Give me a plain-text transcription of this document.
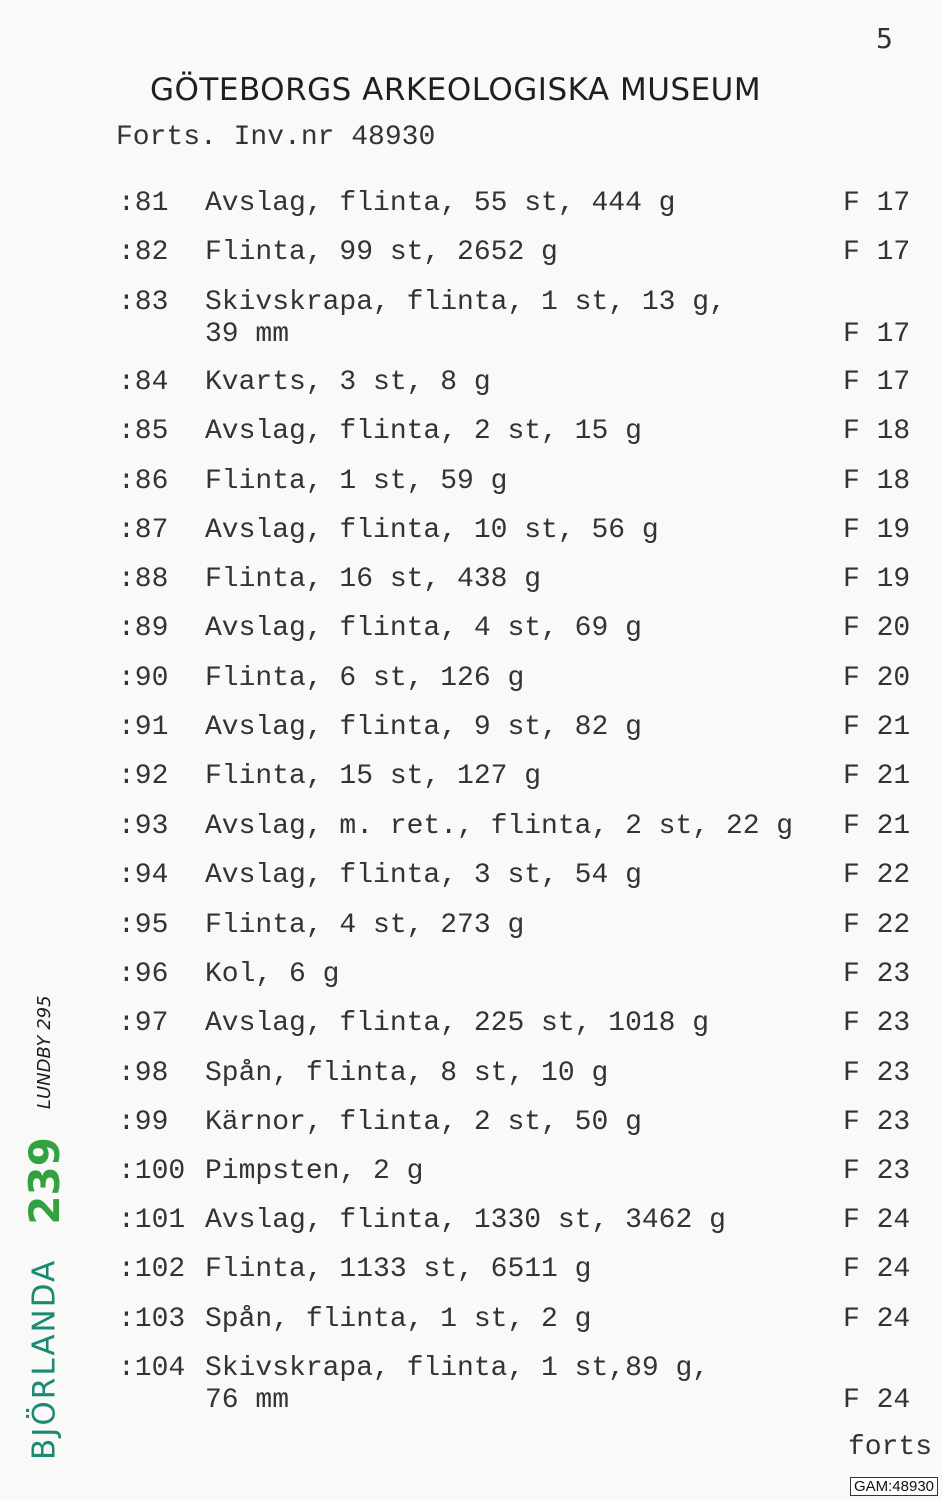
5
GÖTEBORGS ARKEOLOGISKA MUSEUM
Forts. Inv.nr 48930
:81 Avslag, flinta, 55 st, 444 g	F 17
:82 Flinta, 99 st, 2652 g	F 17
:83 Skivskrapa, flinta, 1 st, 13 g,
39 mm	F 17
:84 Kvarts, 3 st, 8 g	F 17
:85 Avslag, flinta, 2 st, 15 g	F 18
:86 Flinta, 1 st, 59 g	F 18
:87 Avslag, flinta, 10 st, 56 g	F 19
:88 Flinta, 16 st, 438 g	F 19
:89 Avslag, flinta, 4 st, 69 g	F 20
:90 Flinta, 6 st, 126 g	F 20
:91 Avslag, flinta, 9 st, 82 g	F 21
:92 Flinta, 15 st, 127 g	F 21
:93 Avslag, m. ret., flinta, 2 st, 22 g F 21
:94 Avslag, flinta, 3 st, 54 g	F 22
:95 Flinta, 4 st, 273 g	F 22
:96 Kol, 6 g	F 23
:97 Avslag, flinta, 225 st, 1018 g	F 23
:98 Spån, flinta, 8 st, 10 g	F 23
:99 Kärnor, flinta, 2 st, 50 g	F 23
:100 Pimpsten, 2 g	F 23
:101 Avslag, flinta, 1330 st, 3462 g	F 24
:102 Flinta, 1133 st, 6511 g	F 24
:103 Spån, flinta, 1 st, 2 g	F 24
:104 Skivskrapa, flinta, 1 st,89 g,
76 mm	F 24
forts
BJÖRLANDA 239 LUNDBY 295
GAM:48930
